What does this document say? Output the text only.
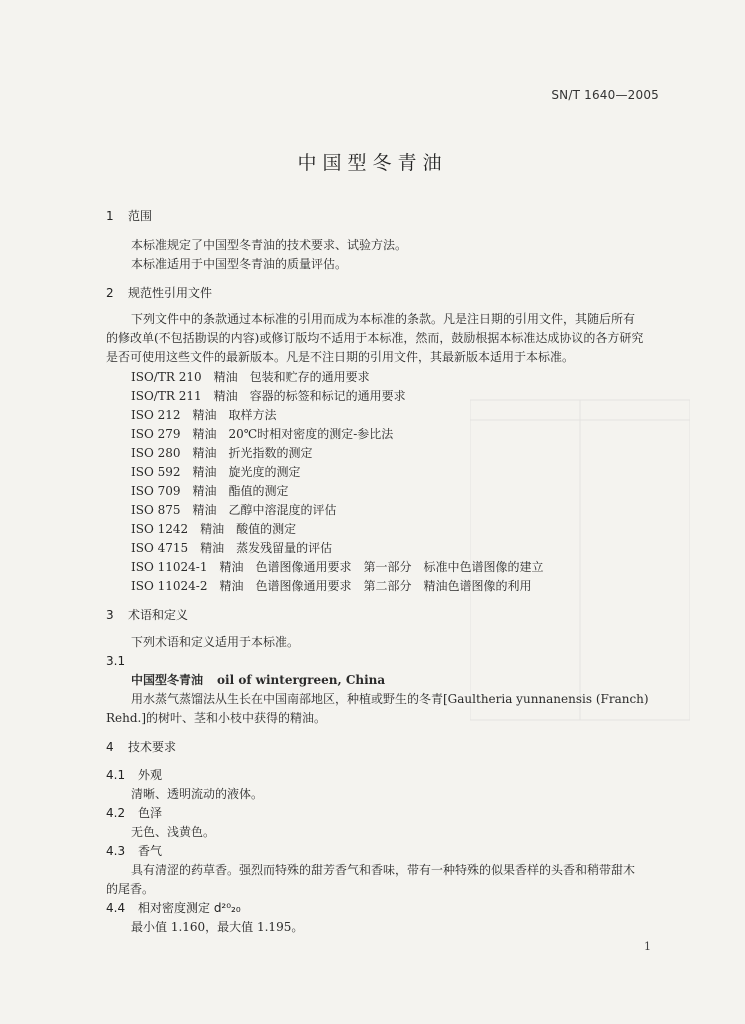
SN/T 1640—2005
中国型冬青油
1 范围
本标准规定了中国型冬青油的技术要求、试验方法。
本标准适用于中国型冬青油的质量评估。
2 规范性引用文件
下列文件中的条款通过本标准的引用而成为本标准的条款。凡是注日期的引用文件，其随后所有
的修改单(不包括勘误的内容)或修订版均不适用于本标准，然而，鼓励根据本标准达成协议的各方研究
是否可使用这些文件的最新版本。凡是不注日期的引用文件，其最新版本适用于本标准。
ISO/TR 210 精油　包装和贮存的通用要求
ISO/TR 211 精油　容器的标签和标记的通用要求
ISO 212 精油　取样方法
ISO 279 精油　20℃时相对密度的测定-参比法
ISO 280 精油　折光指数的测定
ISO 592 精油　旋光度的测定
ISO 709 精油　酯值的测定
ISO 875 精油　乙醇中溶混度的评估
ISO 1242 精油　酸值的测定
ISO 4715 精油　蒸发残留量的评估
ISO 11024-1 精油　色谱图像通用要求　第一部分　标准中色谱图像的建立
ISO 11024-2 精油　色谱图像通用要求　第二部分　精油色谱图像的利用
3 术语和定义
下列术语和定义适用于本标准。
3.1
中国型冬青油 oil of wintergreen, China
用水蒸气蒸馏法从生长在中国南部地区，种植或野生的冬青[Gaultheria yunnanensis (Franch)
Rehd.]的树叶、茎和小枝中获得的精油。
4 技术要求
4.1 外观
清晰、透明流动的液体。
4.2 色泽
无色、浅黄色。
4.3 香气
具有清涩的药草香。强烈而特殊的甜芳香气和香味，带有一种特殊的似果香样的头香和稍带甜木
的尾香。
4.4 相对密度测定 d²⁰₂₀
最小值 1.160，最大值 1.195。
1
